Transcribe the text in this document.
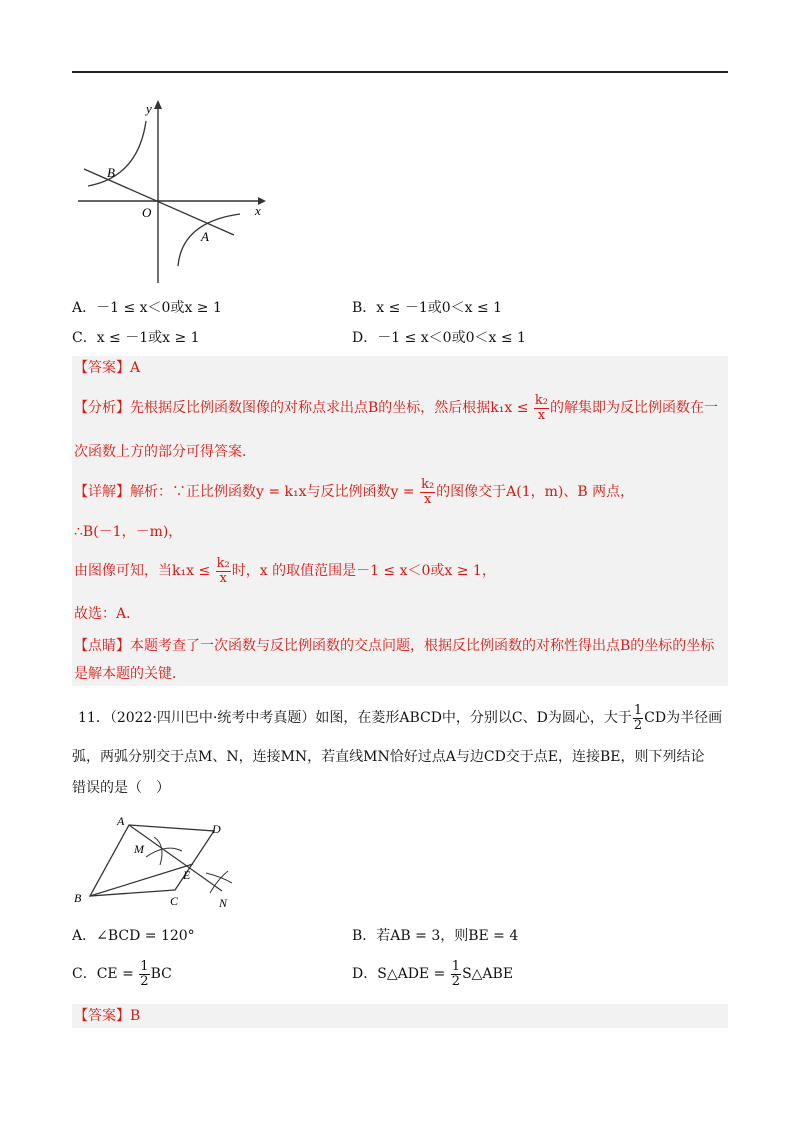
y
x
O
B
A
A．－1 ≤ x＜0或x ≥ 1	B．x ≤ －1或0＜x ≤ 1
C．x ≤ －1或x ≥ 1	D．－1 ≤ x＜0或0＜x ≤ 1
【答案】A
【分析】先根据反比例函数图像的对称点求出点B的坐标，然后根据$k_1x \le \frac{\text{k₂}}{x}$ 的解集即为反比例函数在一
次函数上方的部分可得答案．
【详解】解析：∵正比例函数y = k₁x与反比例函数$y = \frac{\text{k₂}}{x}$ 的图像交于A(1，m)、B 两点，
∴B(－1，－m)，
由图像可知，当$k_1x \le \frac{\text{k₂}}{x}$ 时，x 的取值范围是－1 ≤ x＜0或x ≥ 1，
故选：A．
【点睛】本题考查了一次函数与反比例函数的交点问题，根据反比例函数的对称性得出点B的坐标的坐标
是解本题的关键．
11．（2022·四川巴中·统考中考真题）如图，在菱形ABCD中，分别以C、D为圆心，大于 $\frac{1}{2}$ CD为半径画
弧，两弧分别交于点M、N，连接MN，若直线MN恰好过点A与边CD交于点E，连接BE，则下列结论
错误的是（　）
A
D
B	C
E
M
N
A．∠BCD = 120°	B．若AB = 3，则BE = 4
C．CE = $\frac{1}{2}$ BC	D．S△ADE = $\frac{1}{2}$ S△ABE
【答案】B
